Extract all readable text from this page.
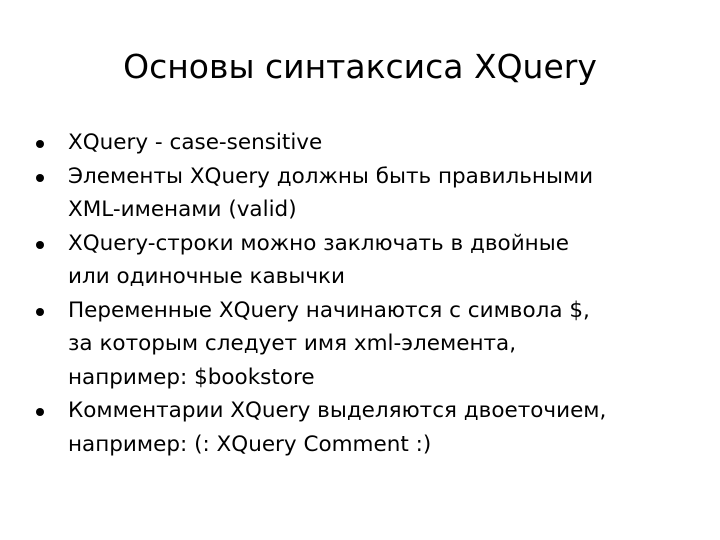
Основы синтаксиса XQuery
XQuery - case-sensitive
Элементы XQuery должны быть правильными
XML-именами (valid)
XQuery-строки можно заключать в двойные
или одиночные кавычки
Переменные XQuery начинаются с символа $,
за которым следует имя xml-элемента,
например: $bookstore
Комментарии XQuery выделяются двоеточием,
например: (: XQuery Comment :)
